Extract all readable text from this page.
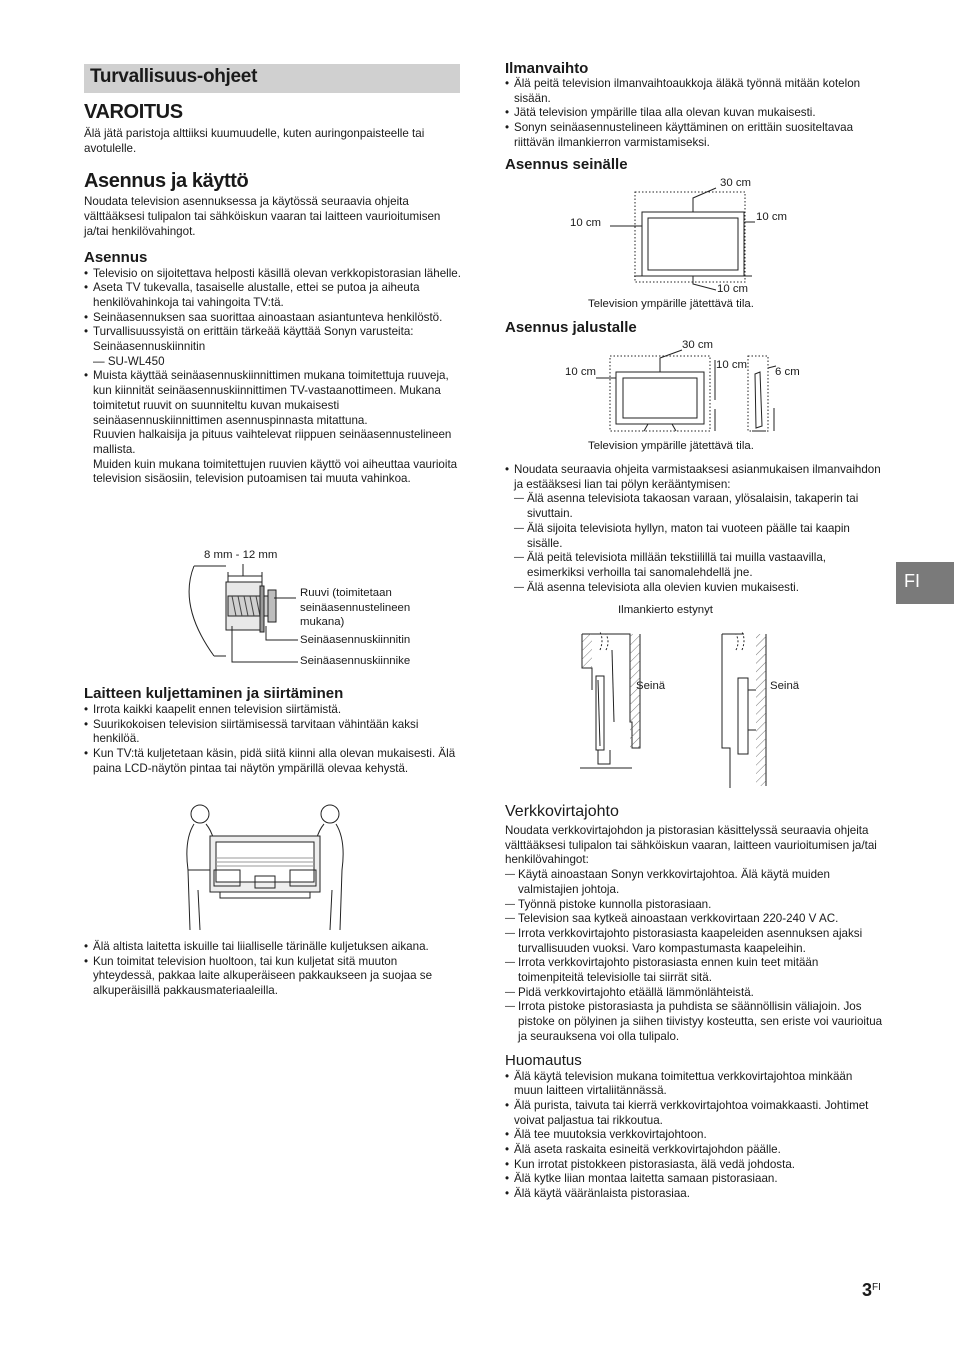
Turvallisuus-ohjeet

VAROITUS

Älä jätä paristoja alttiiksi kuumuudelle, kuten auringonpaisteelle tai avotulelle.

Asennus ja käyttö

Noudata television asennuksessa ja käytössä seuraavia ohjeita välttääksesi tulipalon tai sähköiskun vaaran tai laitteen vaurioitumisen ja/tai henkilövahingot.

Asennus

• Televisio on sijoitettava helposti käsillä olevan verkkopistorasian lähelle.
• Aseta TV tukevalla, tasaiselle alustalle, ettei se putoa ja aiheuta henkilövahinkoja tai vahingoita TV:tä.
• Seinäasennuksen saa suorittaa ainoastaan asiantunteva henkilöstö.
• Turvallisuussyistä on erittäin tärkeää käyttää Sonyn varusteita:
Seinäasennuskiinnitin
— SU-WL450
• Muista käyttää seinäasennuskiinnittimen mukana toimitettuja ruuveja, kun kiinnität seinäasennuskiinnittimen TV-vastaanottimeen. Mukana toimitetut ruuvit on suunniteltu kuvan mukaisesti seinäasennuskiinnittimen asennuspinnasta mitattuna.
Ruuvien halkaisija ja pituus vaihtelevat riippuen seinäasennustelineen mallista.
Muiden kuin mukana toimitettujen ruuvien käyttö voi aiheuttaa vaurioita television sisäosiin, television putoamisen tai muuta vahinkoa.
8 mm - 12 mm
Ruuvi (toimitetaan seinäasennustelineen mukana)
Seinäasennuskiinnitin
Seinäasennuskiinnike

Laitteen kuljettaminen ja siirtäminen

• Irrota kaikki kaapelit ennen television siirtämistä.
• Suurikokoisen television siirtämisessä tarvitaan vähintään kaksi henkilöä.
• Kun TV:tä kuljetetaan käsin, pidä siitä kiinni alla olevan mukaisesti. Älä paina LCD-näytön pintaa tai näytön ympärillä olevaa kehystä.
• Älä altista laitetta iskuille tai liialliselle tärinälle kuljetuksen aikana.
• Kun toimitat television huoltoon, tai kun kuljetat sitä muuton yhteydessä, pakkaa laite alkuperäiseen pakkaukseen ja suojaa se alkuperäisillä pakkausmateriaaleilla.

Ilmanvaihto

• Älä peitä television ilmanvaihtoaukkoja äläkä työnnä mitään kotelon sisään.
• Jätä television ympärille tilaa alla olevan kuvan mukaisesti.
• Sonyn seinäasennustelineen käyttäminen on erittäin suositeltavaa riittävän ilmankierron varmistamiseksi.

Asennus seinälle

30 cm
10 cm	10 cm
10 cm
Television ympärille jätettävä tila.

Asennus jalustalle

30 cm
10 cm
10 cm
6 cm
Television ympärille jätettävä tila.
• Noudata seuraavia ohjeita varmistaaksesi asianmukaisen ilmanvaihdon ja estääksesi lian tai pölyn kerääntymisen:
— Älä asenna televisiota takaosan varaan, ylösalaisin, takaperin tai sivuttain.
— Älä sijoita televisiota hyllyn, maton tai vuoteen päälle tai kaapin sisälle.
— Älä peitä televisiota millään tekstiilillä tai muilla vastaavilla, esimerkiksi verhoilla tai sanomalehdellä jne.
— Älä asenna televisiota alla olevien kuvien mukaisesti.
Ilmankierto estynyt
Seinä	Seinä

Verkkovirtajohto

Noudata verkkovirtajohdon ja pistorasian käsittelyssä seuraavia ohjeita välttääksesi tulipalon tai sähköiskun vaaran, laitteen vaurioitumisen ja/tai henkilövahingot:

— Käytä ainoastaan Sonyn verkkovirtajohtoa. Älä käytä muiden valmistajien johtoja.
— Työnnä pistoke kunnolla pistorasiaan.
— Television saa kytkeä ainoastaan verkkovirtaan 220-240 V AC.
— Irrota verkkovirtajohto pistorasiasta kaapeleiden asennuksen ajaksi turvallisuuden vuoksi. Varo kompastumasta kaapeleihin.
— Irrota verkkovirtajohto pistorasiasta ennen kuin teet mitään toimenpiteitä televisiolle tai siirrät sitä.
— Pidä verkkovirtajohto etäällä lämmönlähteistä.
— Irrota pistoke pistorasiasta ja puhdista se säännöllisin väliajoin. Jos pistoke on pölyinen ja siihen tiivistyy kosteutta, sen eriste voi vaurioitua ja seurauksena voi olla tulipalo.

Huomautus

• Älä käytä television mukana toimitettua verkkovirtajohtoa minkään muun laitteen virtaliitännässä.
• Älä purista, taivuta tai kierrä verkkovirtajohtoa voimakkaasti. Johtimet voivat paljastua tai rikkoutua.
• Älä tee muutoksia verkkovirtajohtoon.
• Älä aseta raskaita esineitä verkkovirtajohdon päälle.
• Kun irrotat pistokkeen pistorasiasta, älä vedä johdosta.
• Älä kytke liian montaa laitetta samaan pistorasiaan.
• Älä käytä vääränlaista pistorasiaa.
FI
$3^{FI}$
